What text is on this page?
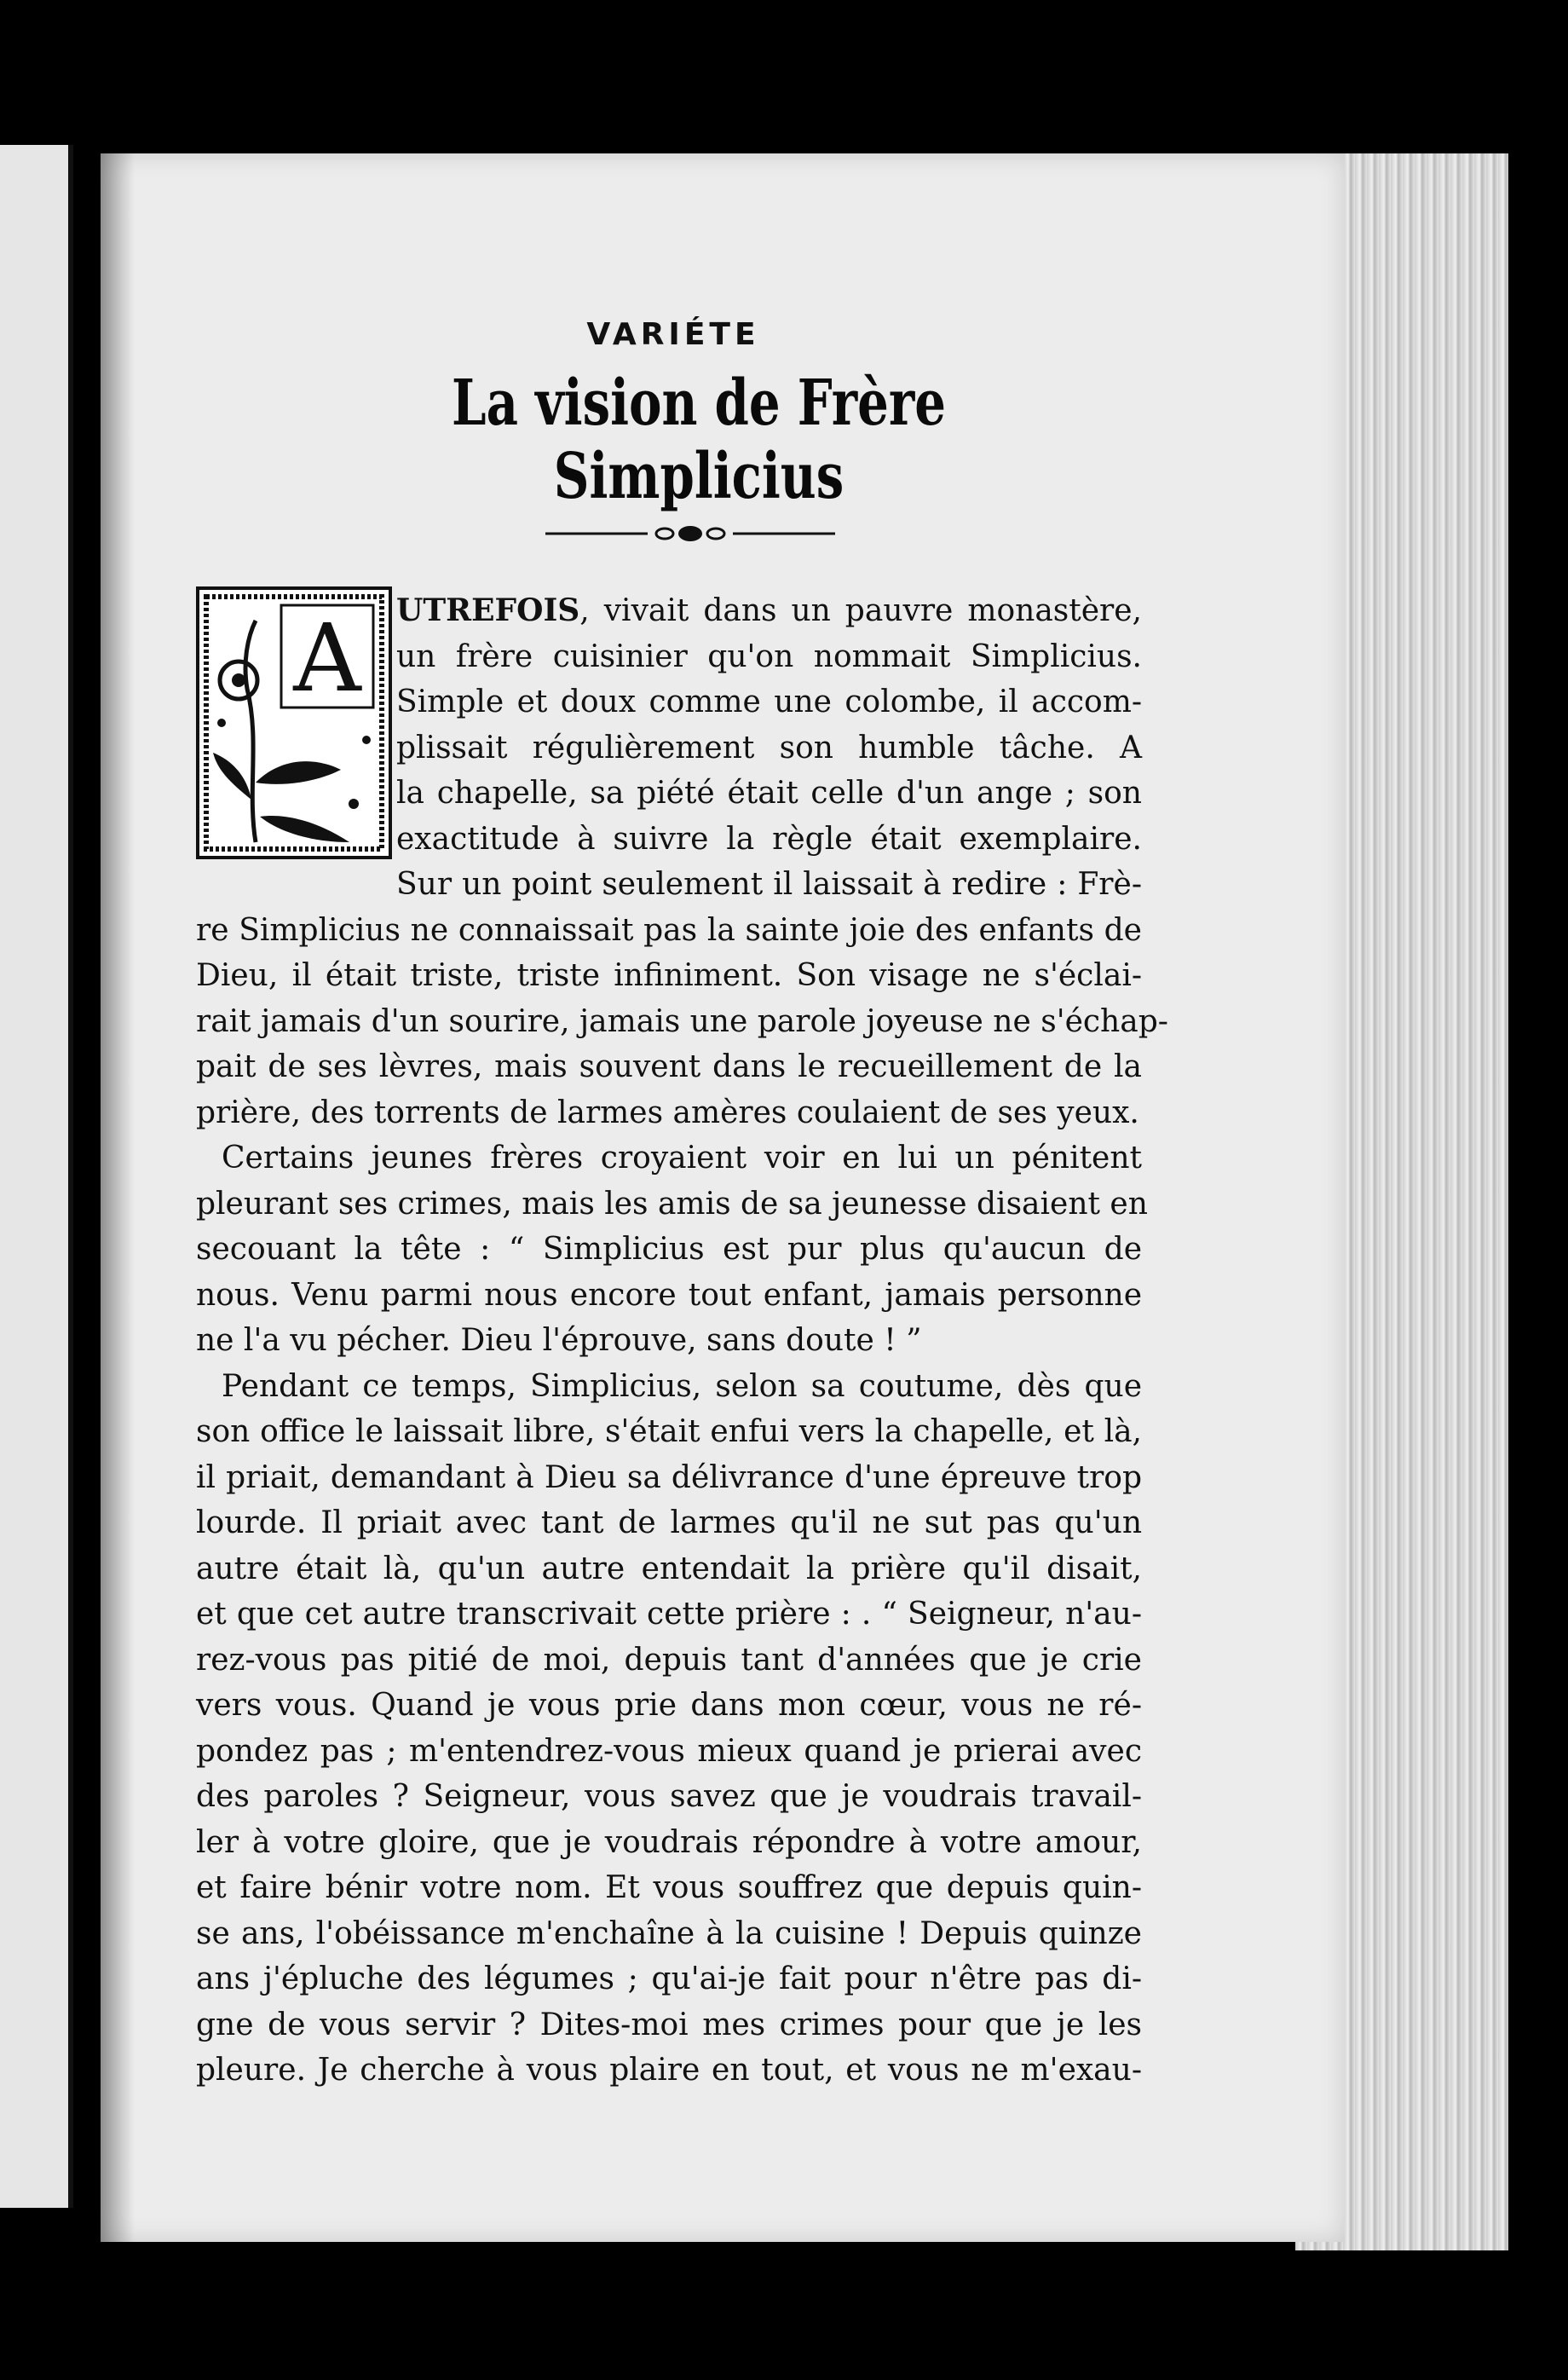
VARIÉTE
La vision de Frère Simplicius
A	UTREFOIS, vivait dans un pauvre monastère,
un frère cuisinier qu'on nommait Simplicius.
Simple et doux comme une colombe, il accom-
plissait régulièrement son humble tâche. A
la chapelle, sa piété était celle d'un ange ; son
exactitude à suivre la règle était exemplaire.
Sur un point seulement il laissait à redire : Frè-
re Simplicius ne connaissait pas la sainte joie des enfants de
Dieu, il était triste, triste infiniment. Son visage ne s'éclai-
rait jamais d'un sourire, jamais une parole joyeuse ne s'échap-
pait de ses lèvres, mais souvent dans le recueillement de la
prière, des torrents de larmes amères coulaient de ses yeux.
Certains jeunes frères croyaient voir en lui un pénitent
pleurant ses crimes, mais les amis de sa jeunesse disaient en
secouant la tête : “ Simplicius est pur plus qu'aucun de
nous. Venu parmi nous encore tout enfant, jamais personne
ne l'a vu pécher. Dieu l'éprouve, sans doute ! ”
Pendant ce temps, Simplicius, selon sa coutume, dès que
son office le laissait libre, s'était enfui vers la chapelle, et là,
il priait, demandant à Dieu sa délivrance d'une épreuve trop
lourde. Il priait avec tant de larmes qu'il ne sut pas qu'un
autre était là, qu'un autre entendait la prière qu'il disait,
et que cet autre transcrivait cette prière : . “ Seigneur, n'au-
rez-vous pas pitié de moi, depuis tant d'années que je crie
vers vous. Quand je vous prie dans mon cœur, vous ne ré-
pondez pas ; m'entendrez-vous mieux quand je prierai avec
des paroles ? Seigneur, vous savez que je voudrais travail-
ler à votre gloire, que je voudrais répondre à votre amour,
et faire bénir votre nom. Et vous souffrez que depuis quin-
se ans, l'obéissance m'enchaîne à la cuisine ! Depuis quinze
ans j'épluche des légumes ; qu'ai-je fait pour n'être pas di-
gne de vous servir ? Dites-moi mes crimes pour que je les
pleure. Je cherche à vous plaire en tout, et vous ne m'exau-
